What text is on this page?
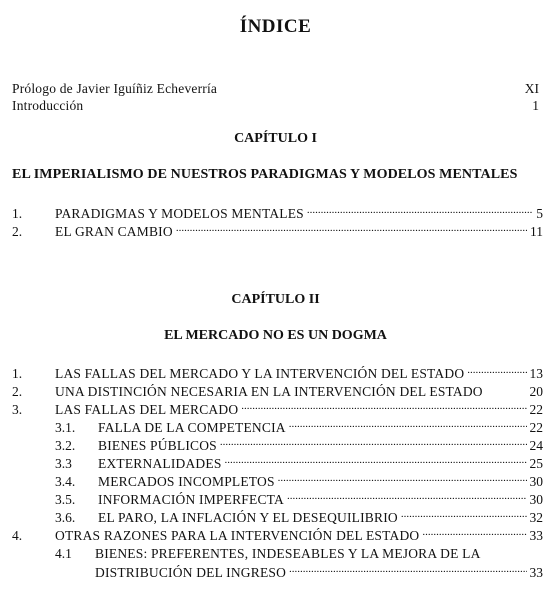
ÍNDICE
Prólogo de Javier Iguíñiz Echeverría	XI
Introducción	1
CAPÍTULO I
EL IMPERIALISMO DE NUESTROS PARADIGMAS Y MODELOS MENTALES
1.	PARADIGMAS Y MODELOS MENTALES .....	5
2.	EL GRAN CAMBIO .....	11
CAPÍTULO II
EL MERCADO NO ES UN DOGMA
1.	LAS FALLAS DEL MERCADO Y LA INTERVENCIÓN DEL ESTADO .....	13
2.	UNA DISTINCIÓN NECESARIA EN LA INTERVENCIÓN DEL ESTADO	20
3.	LAS FALLAS DEL MERCADO .....	22
3.1.	FALLA DE LA COMPETENCIA .....	22
3.2.	BIENES PÚBLICOS .....	24
3.3	EXTERNALIDADES .....	25
3.4.	MERCADOS INCOMPLETOS .....	30
3.5.	INFORMACIÓN IMPERFECTA .....	30
3.6.	EL PARO, LA INFLACIÓN Y EL DESEQUILIBRIO .....	32
4.	OTRAS RAZONES PARA LA INTERVENCIÓN DEL ESTADO .....	33
4.1	BIENES: PREFERENTES, INDESEABLES Y LA MEJORA DE LA
DISTRIBUCIÓN DEL INGRESO .....	33
